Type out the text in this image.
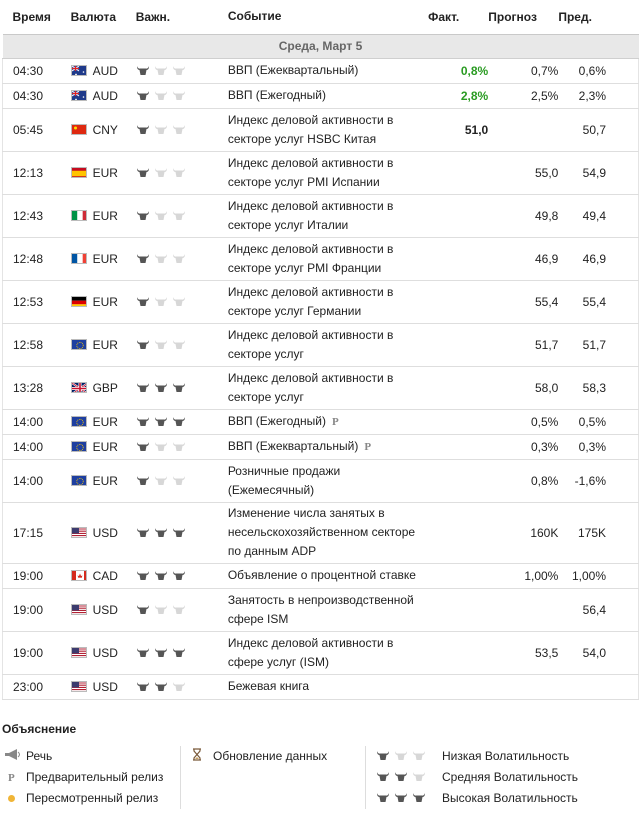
Время	Валюта	Важн.	Событие	Факт.	Прогноз	Пред.
Среда, Март 5						
04:30	AUD		ВВП (Ежеквартальный)	0,8%	0,7%	0,6%
04:30	AUD		ВВП (Ежегодный)	2,8%	2,5%	2,3%
05:45	CNY		Индекс деловой активности в секторе услуг HSBC Китая	51,0		50,7
12:13	EUR		Индекс деловой активности в секторе услуг PMI Испании		55,0	54,9
12:43	EUR		Индекс деловой активности в секторе услуг Италии		49,8	49,4
12:48	EUR		Индекс деловой активности в секторе услуг PMI Франции		46,9	46,9
12:53	EUR		Индекс деловой активности в секторе услуг Германии		55,4	55,4
12:58	EUR		Индекс деловой активности в секторе услуг		51,7	51,7
13:28	GBP		Индекс деловой активности в секторе услуг		58,0	58,3
14:00	EUR		ВВП (Ежегодный) P		0,5%	0,5%
14:00	EUR		ВВП (Ежеквартальный) P		0,3%	0,3%
14:00	EUR		Розничные продажи (Ежемесячный)		0,8%	-1,6%
17:15	USD		Изменение числа занятых в несельскохозяйственном секторе по данным ADP		160K	175K
19:00	CAD		Объявление о процентной ставке		1,00%	1,00%
19:00	USD		Занятость в непроизводственной сфере ISM			56,4
19:00	USD		Индекс деловой активности в сфере услуг (ISM)		53,5	54,0
23:00	USD		Бежевая книга			
Объяснение
Речь
P Предварительный релиз
Пересмотренный релиз
Обновление данных	Низкая Волатильность
Средняя Волатильность
Высокая Волатильность
